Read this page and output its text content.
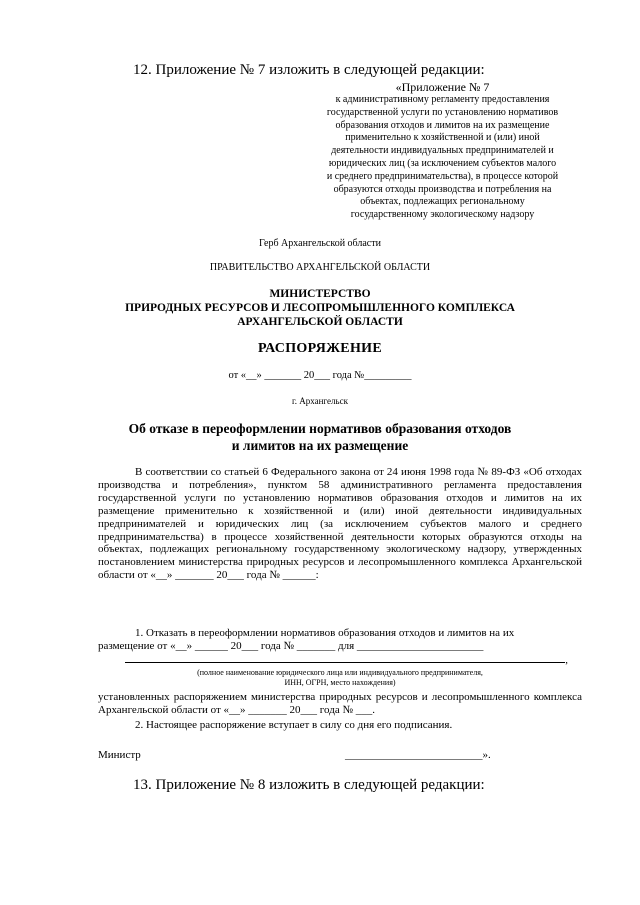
12. Приложение № 7 изложить в следующей редакции:

«Приложение № 7
к административному регламенту предоставления
государственной услуги по установлению нормативов
образования отходов и лимитов на их размещение
применительно к хозяйственной и (или) иной
деятельности индивидуальных предпринимателей и
юридических лиц (за исключением субъектов малого
и среднего предпринимательства), в процессе которой
образуются отходы производства и потребления на
объектах, подлежащих региональному
государственному экологическому надзору
Герб Архангельской области
ПРАВИТЕЛЬСТВО АРХАНГЕЛЬСКОЙ ОБЛАСТИ
МИНИСТЕРСТВО
ПРИРОДНЫХ РЕСУРСОВ И ЛЕСОПРОМЫШЛЕННОГО КОМПЛЕКСА
АРХАНГЕЛЬСКОЙ ОБЛАСТИ
РАСПОРЯЖЕНИЕ
от «__» _______ 20___ года №_________
г. Архангельск
Об отказе в переоформлении нормативов образования отходов
и лимитов на их размещение

В соответствии со статьей 6 Федерального закона от 24 июня 1998 года № 89-ФЗ «Об отходах производства и потребления», пунктом 58 административного регламента предоставления государственной услуги по установлению нормативов образования отходов и лимитов на их размещение применительно к хозяйственной и (или) иной деятельности индивидуальных предпринимателей и юридических лиц (за исключением субъектов малого и среднего предпринимательства) в процессе хозяйственной деятельности которых образуются отходы на объектах, подлежащих региональному государственному экологическому надзору, утвержденных постановлением министерства природных ресурсов и лесопромышленного комплекса Архангельской области от «__» _______ 20___ года № ______:

1. Отказать в переоформлении нормативов образования отходов и лимитов на их
размещение от «__» ______ 20___ года № _______ для _______________________
,
(полное наименование юридического лица или индивидуального предпринимателя,
ИНН, ОГРН, место нахождения)

установленных распоряжением министерства природных ресурсов и лесопромышленного комплекса Архангельской области от «__» _______ 20___ года № ___.

2. Настоящее распоряжение вступает в силу со дня его подписания.
Министр	_________________________».

13. Приложение № 8 изложить в следующей редакции:
